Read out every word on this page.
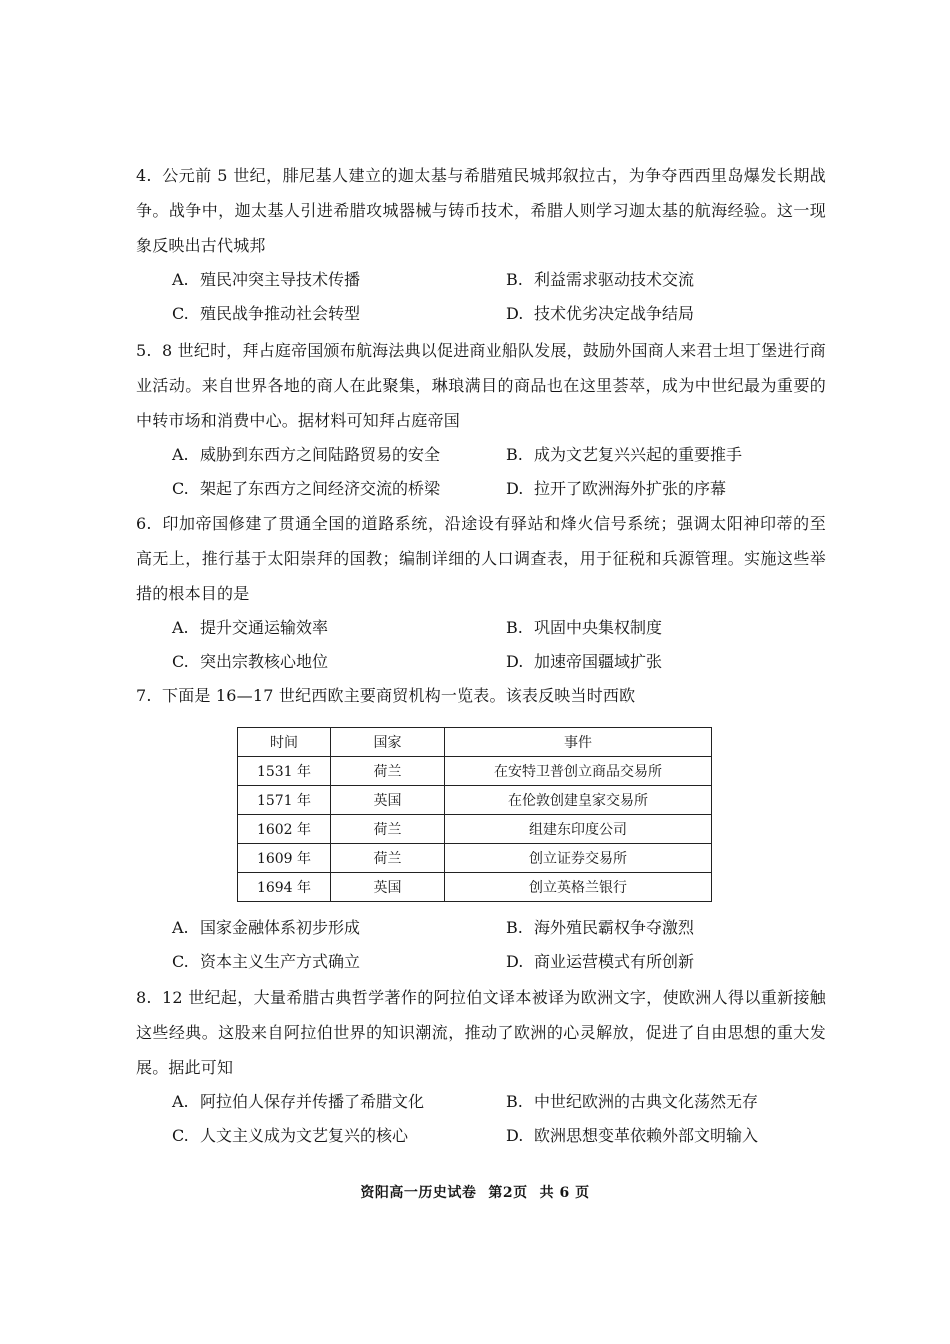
4. 公元前 5 世纪，腓尼基人建立的迦太基与希腊殖民城邦叙拉古，为争夺西西里岛爆发长期战争。战争中，迦太基人引进希腊攻城器械与铸币技术，希腊人则学习迦太基的航海经验。这一现象反映出古代城邦
A. 殖民冲突主导技术传播	B. 利益需求驱动技术交流
C. 殖民战争推动社会转型	D. 技术优劣决定战争结局
5. 8 世纪时，拜占庭帝国颁布航海法典以促进商业船队发展，鼓励外国商人来君士坦丁堡进行商业活动。来自世界各地的商人在此聚集，琳琅满目的商品也在这里荟萃，成为中世纪最为重要的中转市场和消费中心。据材料可知拜占庭帝国
A. 威胁到东西方之间陆路贸易的安全	B. 成为文艺复兴兴起的重要推手
C. 架起了东西方之间经济交流的桥梁	D. 拉开了欧洲海外扩张的序幕
6. 印加帝国修建了贯通全国的道路系统，沿途设有驿站和烽火信号系统；强调太阳神印蒂的至高无上，推行基于太阳崇拜的国教；编制详细的人口调查表，用于征税和兵源管理。实施这些举措的根本目的是
A. 提升交通运输效率	B. 巩固中央集权制度
C. 突出宗教核心地位	D. 加速帝国疆域扩张
7. 下面是 16—17 世纪西欧主要商贸机构一览表。该表反映当时西欧
时间	国家	事件
1531 年	荷兰	在安特卫普创立商品交易所
1571 年	英国	在伦敦创建皇家交易所
1602 年	荷兰	组建东印度公司
1609 年	荷兰	创立证券交易所
1694 年	英国	创立英格兰银行
A. 国家金融体系初步形成	B. 海外殖民霸权争夺激烈
C. 资本主义生产方式确立	D. 商业运营模式有所创新
8. 12 世纪起，大量希腊古典哲学著作的阿拉伯文译本被译为欧洲文字，使欧洲人得以重新接触这些经典。这股来自阿拉伯世界的知识潮流，推动了欧洲的心灵解放，促进了自由思想的重大发展。据此可知
A. 阿拉伯人保存并传播了希腊文化	B. 中世纪欧洲的古典文化荡然无存
C. 人文主义成为文艺复兴的核心	D. 欧洲思想变革依赖外部文明输入
资阳高一历史试卷 第2页 共 6 页
